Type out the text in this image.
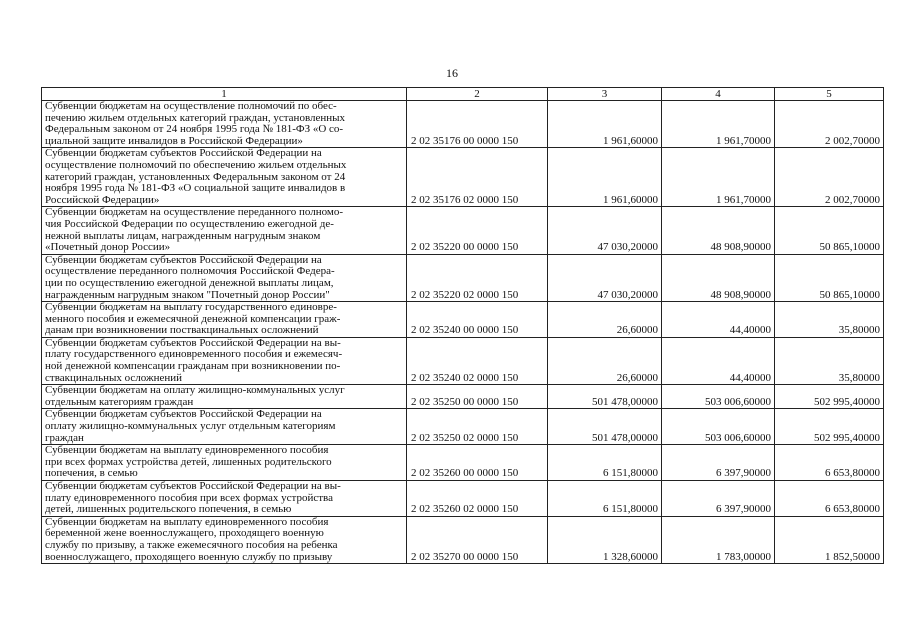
16
1	2	3	4	5

Субвенции бюджетам на осуществление полномочий по обес-
печению жильем отдельных категорий граждан, установленных
Федеральным законом от 24 ноября 1995 года № 181-ФЗ «О со-
циальной защите инвалидов в Российской Федерации»	2 02 35176 00 0000 150	1 961,60000	1 961,70000	2 002,70000

Субвенции бюджетам субъектов Российской Федерации на
осуществление полномочий по обеспечению жильем отдельных
категорий граждан, установленных Федеральным законом от 24
ноября 1995 года № 181-ФЗ «О социальной защите инвалидов в
Российской Федерации»	2 02 35176 02 0000 150	1 961,60000	1 961,70000	2 002,70000

Субвенции бюджетам на осуществление переданного полномо-
чия Российской Федерации по осуществлению ежегодной де-
нежной выплаты лицам, награжденным нагрудным знаком
«Почетный донор России»	2 02 35220 00 0000 150	47 030,20000	48 908,90000	50 865,10000

Субвенции бюджетам субъектов Российской Федерации на
осуществление переданного полномочия Российской Федера-
ции по осуществлению ежегодной денежной выплаты лицам,
награжденным нагрудным знаком "Почетный донор России"	2 02 35220 02 0000 150	47 030,20000	48 908,90000	50 865,10000

Субвенции бюджетам на выплату государственного единовре-
менного пособия и ежемесячной денежной компенсации граж-
данам при возникновении поствакцинальных осложнений	2 02 35240 00 0000 150	26,60000	44,40000	35,80000

Субвенции бюджетам субъектов Российской Федерации на вы-
плату государственного единовременного пособия и ежемесяч-
ной денежной компенсации гражданам при возникновении по-
ствакцинальных осложнений	2 02 35240 02 0000 150	26,60000	44,40000	35,80000

Субвенции бюджетам на оплату жилищно-коммунальных услуг
отдельным категориям граждан	2 02 35250 00 0000 150	501 478,00000	503 006,60000	502 995,40000

Субвенции бюджетам субъектов Российской Федерации на
оплату жилищно-коммунальных услуг отдельным категориям
граждан	2 02 35250 02 0000 150	501 478,00000	503 006,60000	502 995,40000

Субвенции бюджетам на выплату единовременного пособия
при всех формах устройства детей, лишенных родительского
попечения, в семью	2 02 35260 00 0000 150	6 151,80000	6 397,90000	6 653,80000

Субвенции бюджетам субъектов Российской Федерации на вы-
плату единовременного пособия при всех формах устройства
детей, лишенных родительского попечения, в семью	2 02 35260 02 0000 150	6 151,80000	6 397,90000	6 653,80000

Субвенции бюджетам на выплату единовременного пособия
беременной жене военнослужащего, проходящего военную
службу по призыву, а также ежемесячного пособия на ребенка
военнослужащего, проходящего военную службу по призыву	2 02 35270 00 0000 150	1 328,60000	1 783,00000	1 852,50000
